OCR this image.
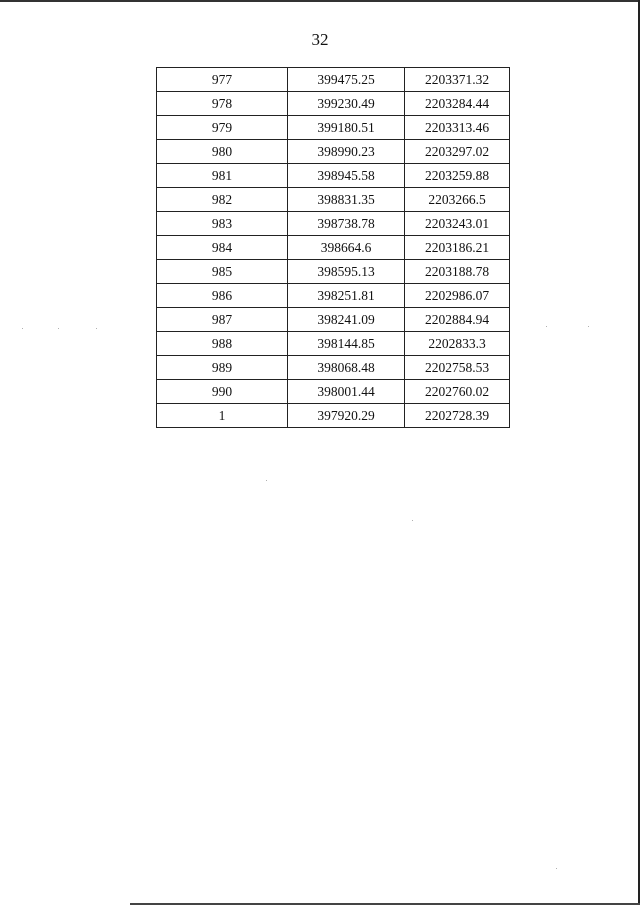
32
977	399475.25	2203371.32
978	399230.49	2203284.44
979	399180.51	2203313.46
980	398990.23	2203297.02
981	398945.58	2203259.88
982	398831.35	2203266.5
983	398738.78	2203243.01
984	398664.6	2203186.21
985	398595.13	2203188.78
986	398251.81	2202986.07
987	398241.09	2202884.94
988	398144.85	2202833.3
989	398068.48	2202758.53
990	398001.44	2202760.02
1	397920.29	2202728.39
